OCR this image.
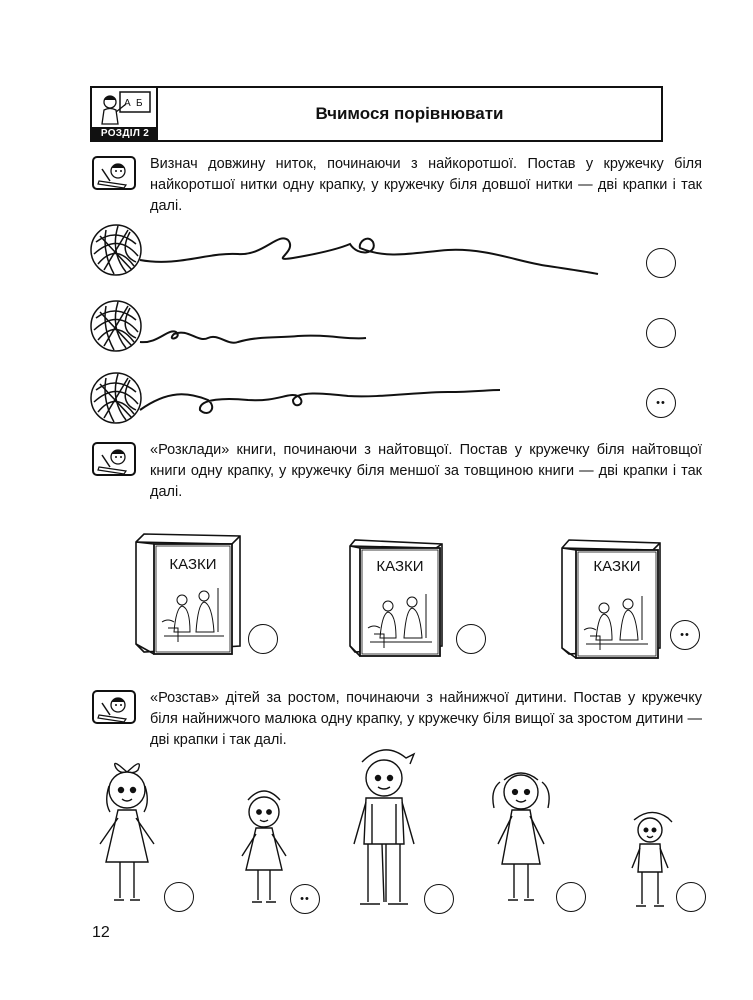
А Б
РОЗДІЛ 2
Вчимося порівнювати
Визнач довжину ниток, починаючи з найкоротшої. Постав у кружечку біля найкоротшої нитки одну крапку, у кружечку біля довшої нитки — дві крапки і так далі.
••
«Розклади» книги, починаючи з найтовщої. Постав у кружечку біля найтовщої книги одну крапку, у кружечку біля меншої за товщиною книги — дві крапки і так далі.
КАЗКИ	КАЗКИ	КАЗКИ
••
«Розстав» дітей за ростом, починаючи з найнижчої дитини. Постав у кружечку біля найнижчого малюка одну крапку, у кружечку біля вищої за зростом дитини — дві крапки і так далі.
••
12
